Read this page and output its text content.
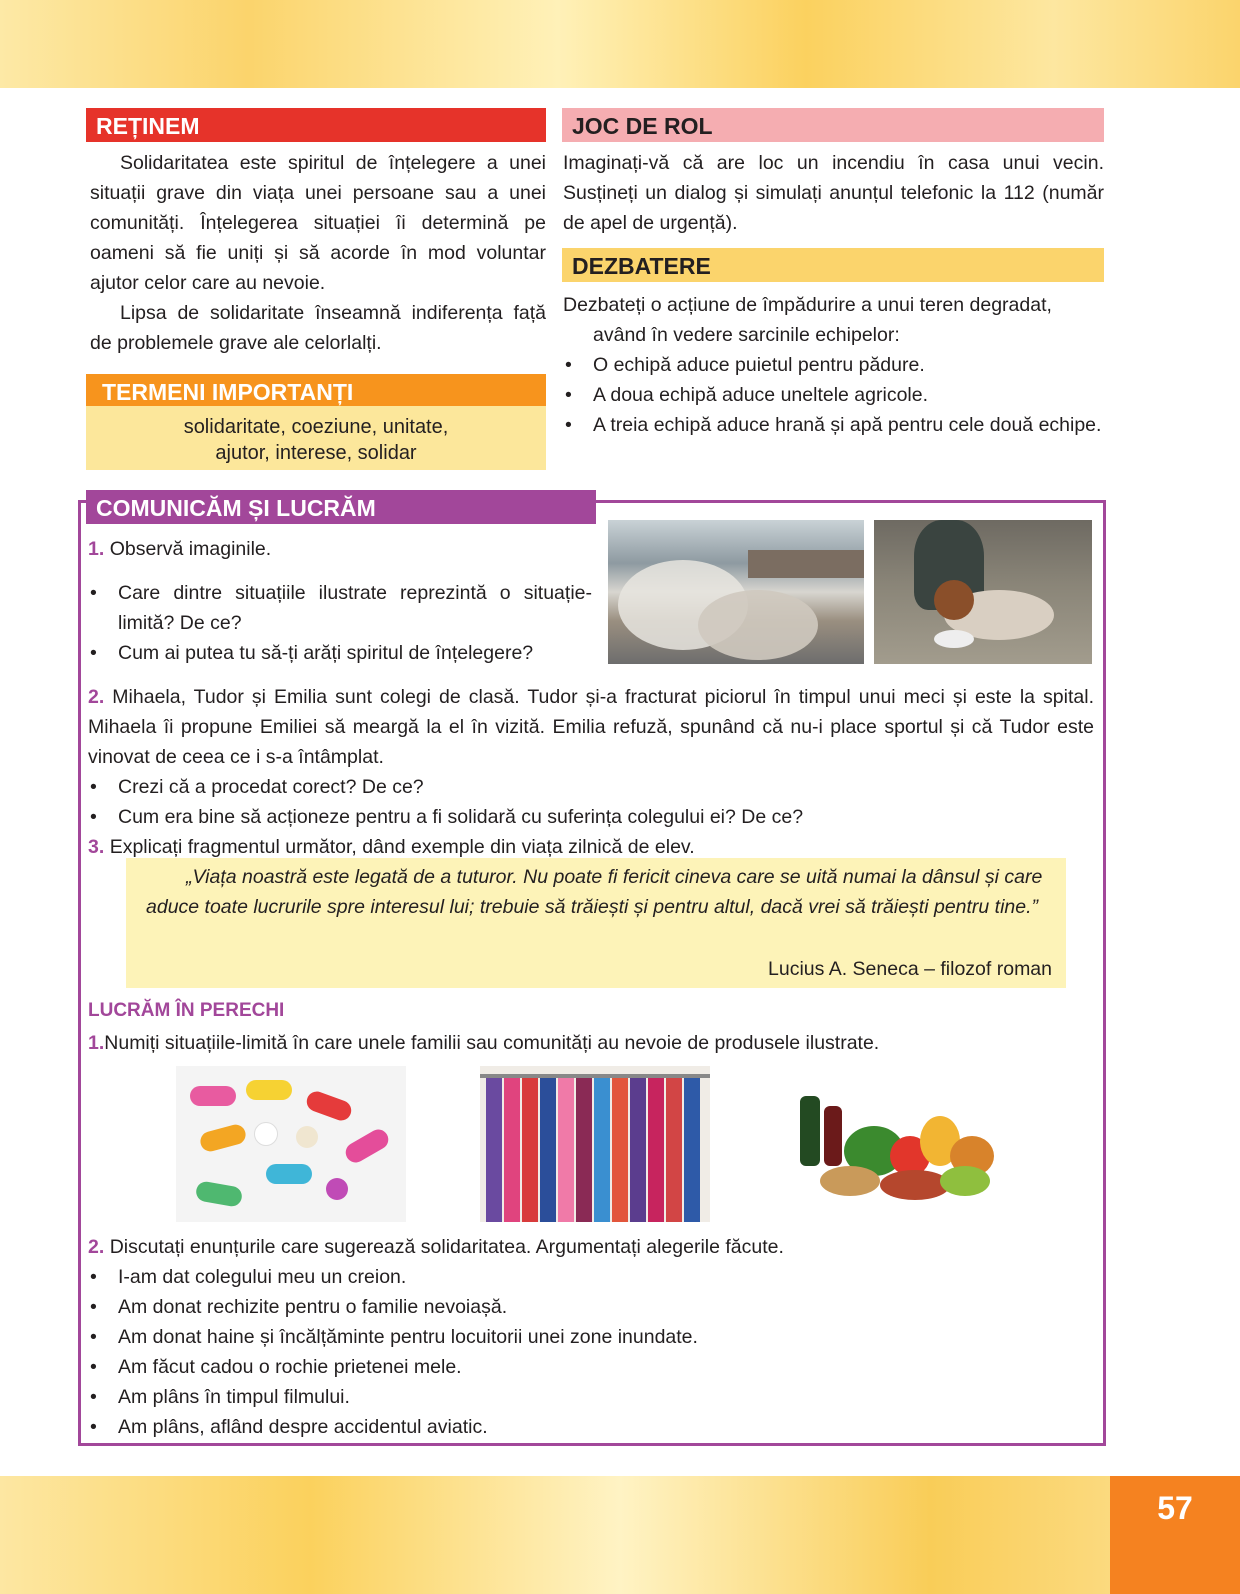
REȚINEM

Solidaritatea este spiritul de înțelegere a unei situații grave din viața unei persoane sau a unei comunități. Înțelegerea situației îi determină pe oameni să fie uniți și să acorde în mod voluntar ajutor celor care au nevoie.

Lipsa de solidaritate înseamnă indiferența față de problemele grave ale celorlalți.

TERMENI IMPORTANȚI
solidaritate, coeziune, unitate,
ajutor, interese, solidar
JOC DE ROL

Imaginați-vă că are loc un incendiu în casa unui vecin. Susțineți un dialog și simulați anunțul telefonic la 112 (număr de apel de urgență).

DEZBATERE

Dezbateți o acțiune de împădurire a unui teren degradat,

având în vedere sarcinile echipelor:

• O echipă aduce puietul pentru pădure.
• A doua echipă aduce uneltele agricole.
• A treia echipă aduce hrană și apă pentru cele două echipe.
COMUNICĂM ȘI LUCRĂM

1. Observă imaginile.

• Care dintre situațiile ilustrate reprezintă o situație-limită? De ce?
• Cum ai putea tu să-ți arăți spiritul de înțelegere?

2. Mihaela, Tudor și Emilia sunt colegi de clasă. Tudor și-a fracturat piciorul în timpul unui meci și este la spital. Mihaela îi propune Emiliei să meargă la el în vizită. Emilia refuză, spunând că nu-i place sportul și că Tudor este vinovat de ceea ce i s-a întâmplat.

• Crezi că a procedat corect? De ce?
• Cum era bine să acționeze pentru a fi solidară cu suferința colegului ei? De ce?

3. Explicați fragmentul următor, dând exemple din viața zilnică de elev.

„Viața noastră este legată de a tuturor. Nu poate fi fericit cineva care se uită numai la dânsul și care aduce toate lucrurile spre interesul lui; trebuie să trăiești și pentru altul, dacă vrei să trăiești pentru tine.”
Lucius A. Seneca – filozof roman
LUCRĂM ÎN PERECHI

1.Numiți situațiile-limită în care unele familii sau comunități au nevoie de produsele ilustrate.

2. Discutați enunțurile care sugerează solidaritatea. Argumentați alegerile făcute.

• I-am dat colegului meu un creion.
• Am donat rechizite pentru o familie nevoiașă.
• Am donat haine și încălțăminte pentru locuitorii unei zone inundate.
• Am făcut cadou o rochie prietenei mele.
• Am plâns în timpul filmului.
• Am plâns, aflând despre accidentul aviatic.
57
